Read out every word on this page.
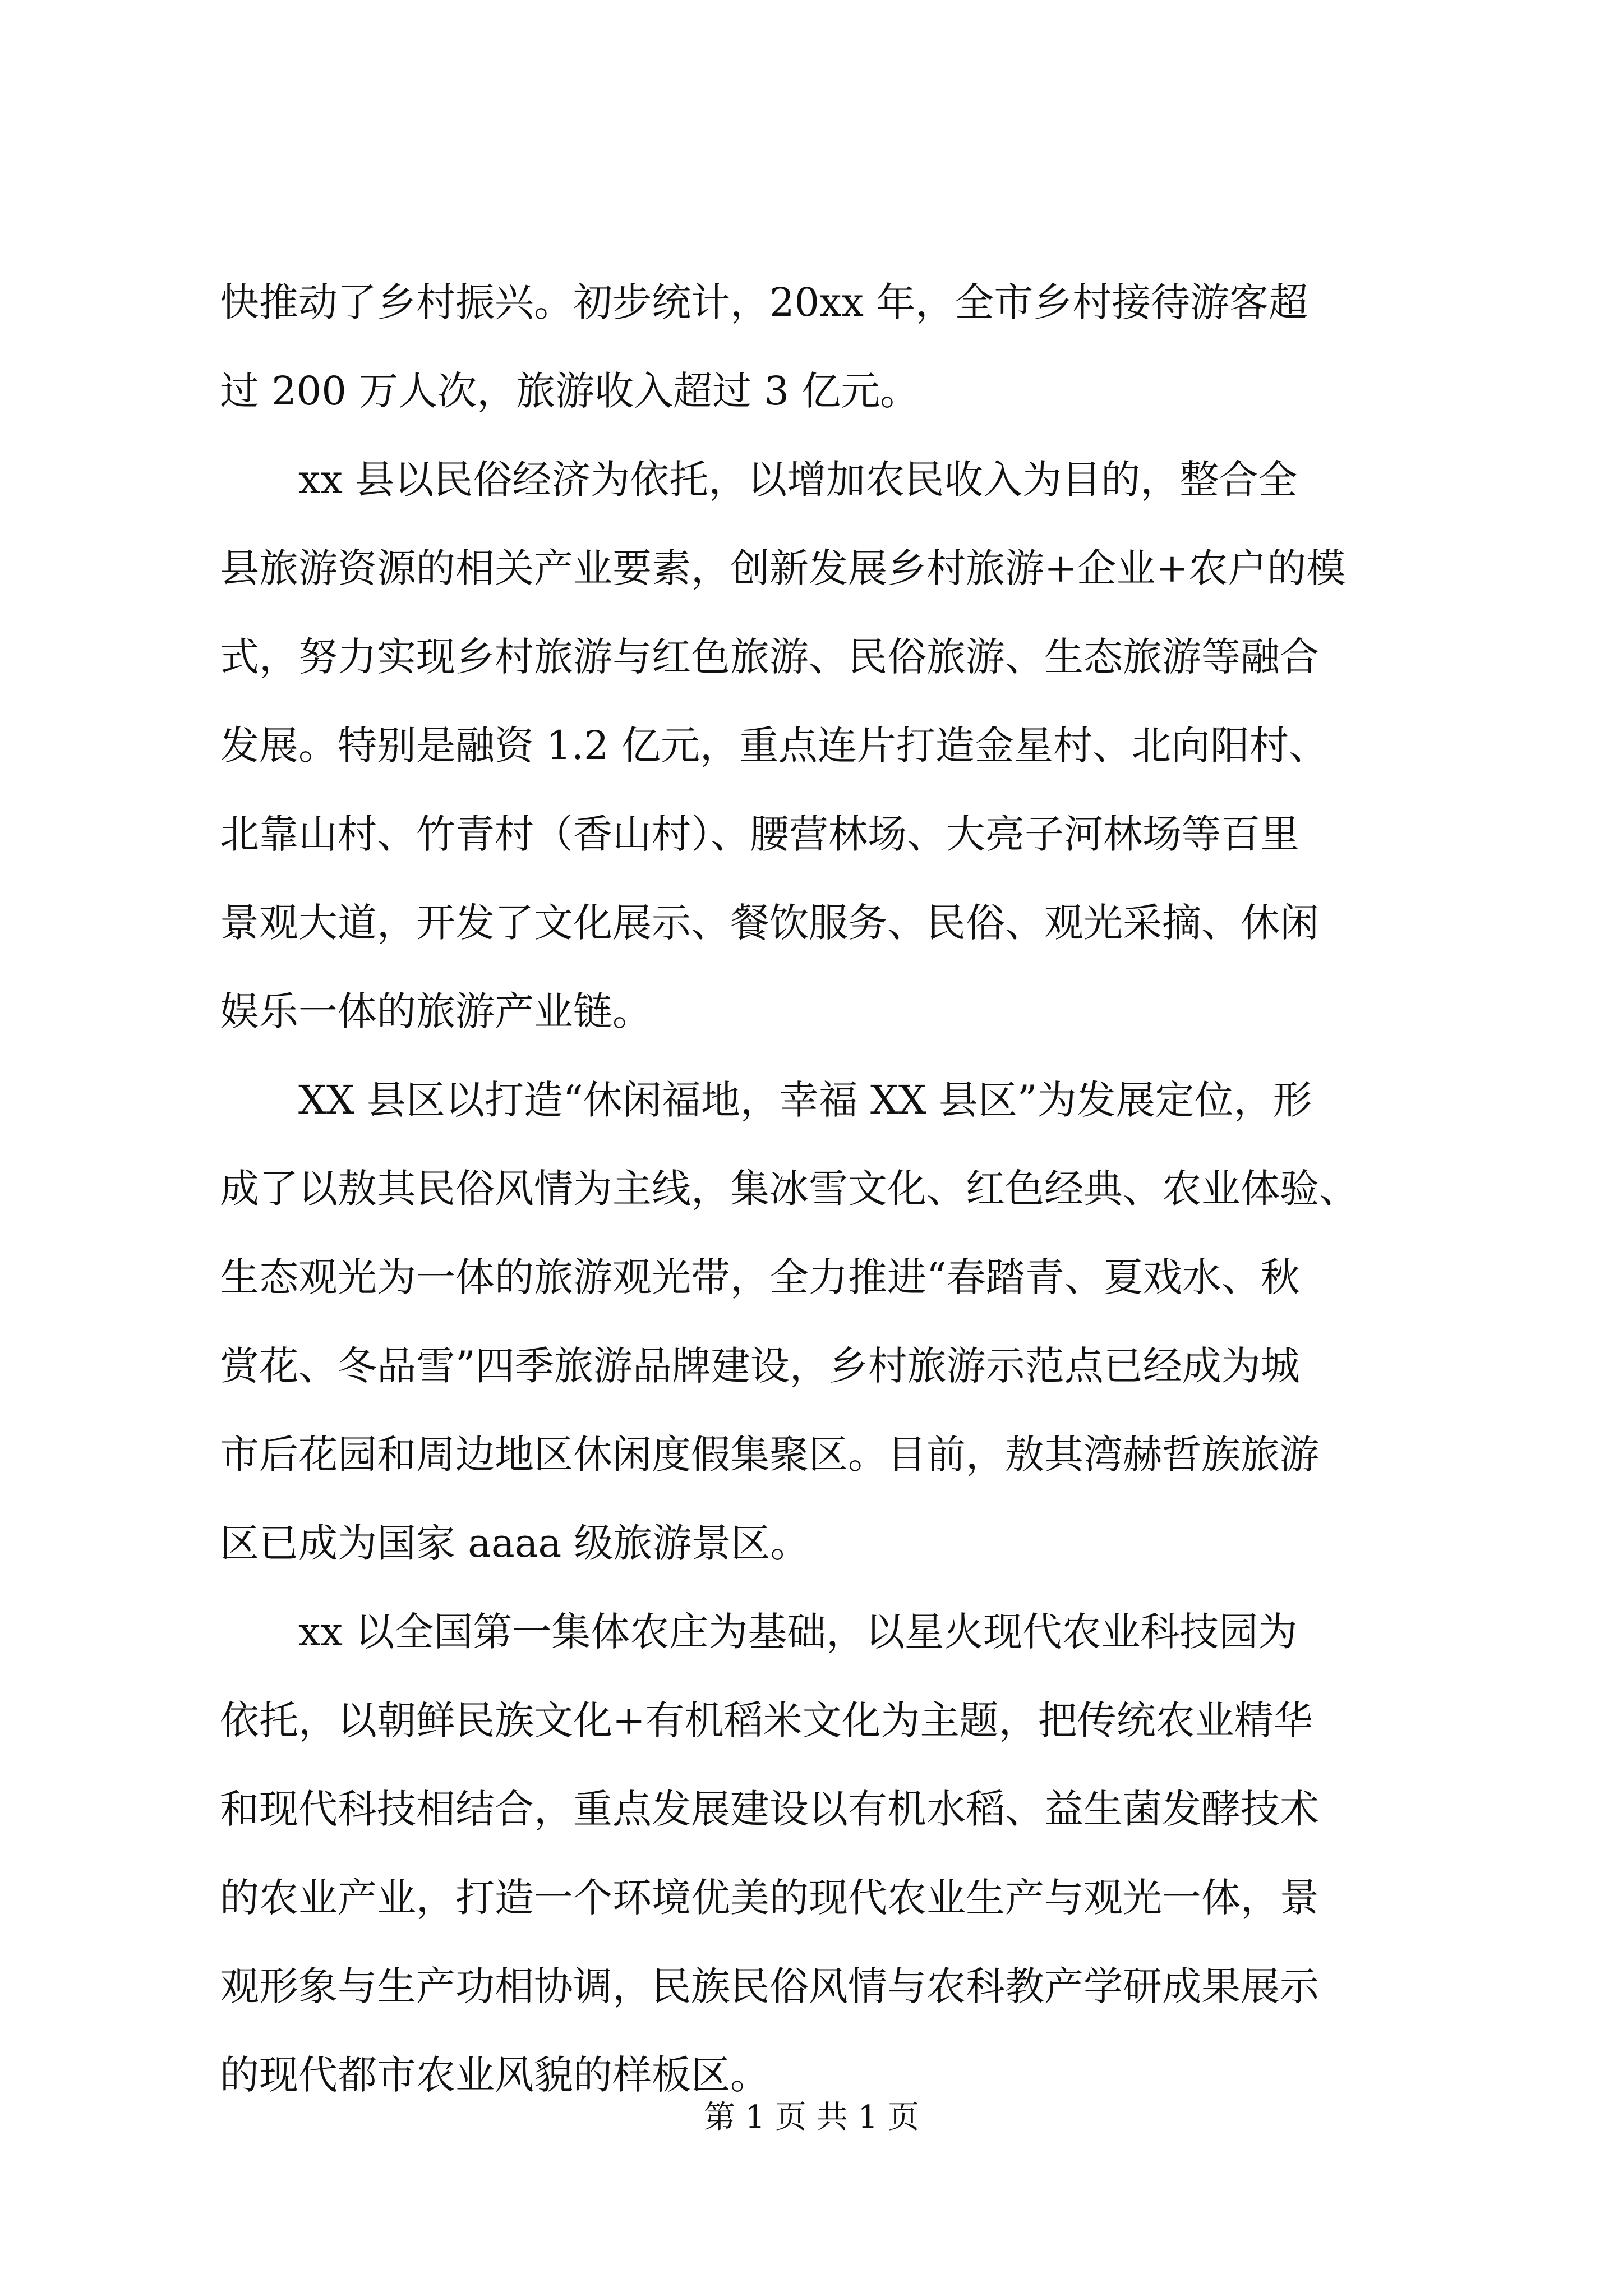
快推动了乡村振兴。初步统计，20xx 年，全市乡村接待游客超
过 200 万人次，旅游收入超过 3 亿元。
xx 县以民俗经济为依托，以增加农民收入为目的，整合全
县旅游资源的相关产业要素，创新发展乡村旅游+企业+农户的模
式，努力实现乡村旅游与红色旅游、民俗旅游、生态旅游等融合
发展。特别是融资 1.2 亿元，重点连片打造金星村、北向阳村、
北靠山村、竹青村（香山村）、腰营林场、大亮子河林场等百里
景观大道，开发了文化展示、餐饮服务、民俗、观光采摘、休闲
娱乐一体的旅游产业链。
XX 县区以打造“休闲福地，幸福 XX 县区”为发展定位，形
成了以敖其民俗风情为主线，集冰雪文化、红色经典、农业体验、
生态观光为一体的旅游观光带，全力推进“春踏青、夏戏水、秋
赏花、冬品雪”四季旅游品牌建设，乡村旅游示范点已经成为城
市后花园和周边地区休闲度假集聚区。目前，敖其湾赫哲族旅游
区已成为国家 aaaa 级旅游景区。
xx 以全国第一集体农庄为基础，以星火现代农业科技园为
依托，以朝鲜民族文化+有机稻米文化为主题，把传统农业精华
和现代科技相结合，重点发展建设以有机水稻、益生菌发酵技术
的农业产业，打造一个环境优美的现代农业生产与观光一体，景
观形象与生产功相协调，民族民俗风情与农科教产学研成果展示
的现代都市农业风貌的样板区。
第 1 页 共 1 页
